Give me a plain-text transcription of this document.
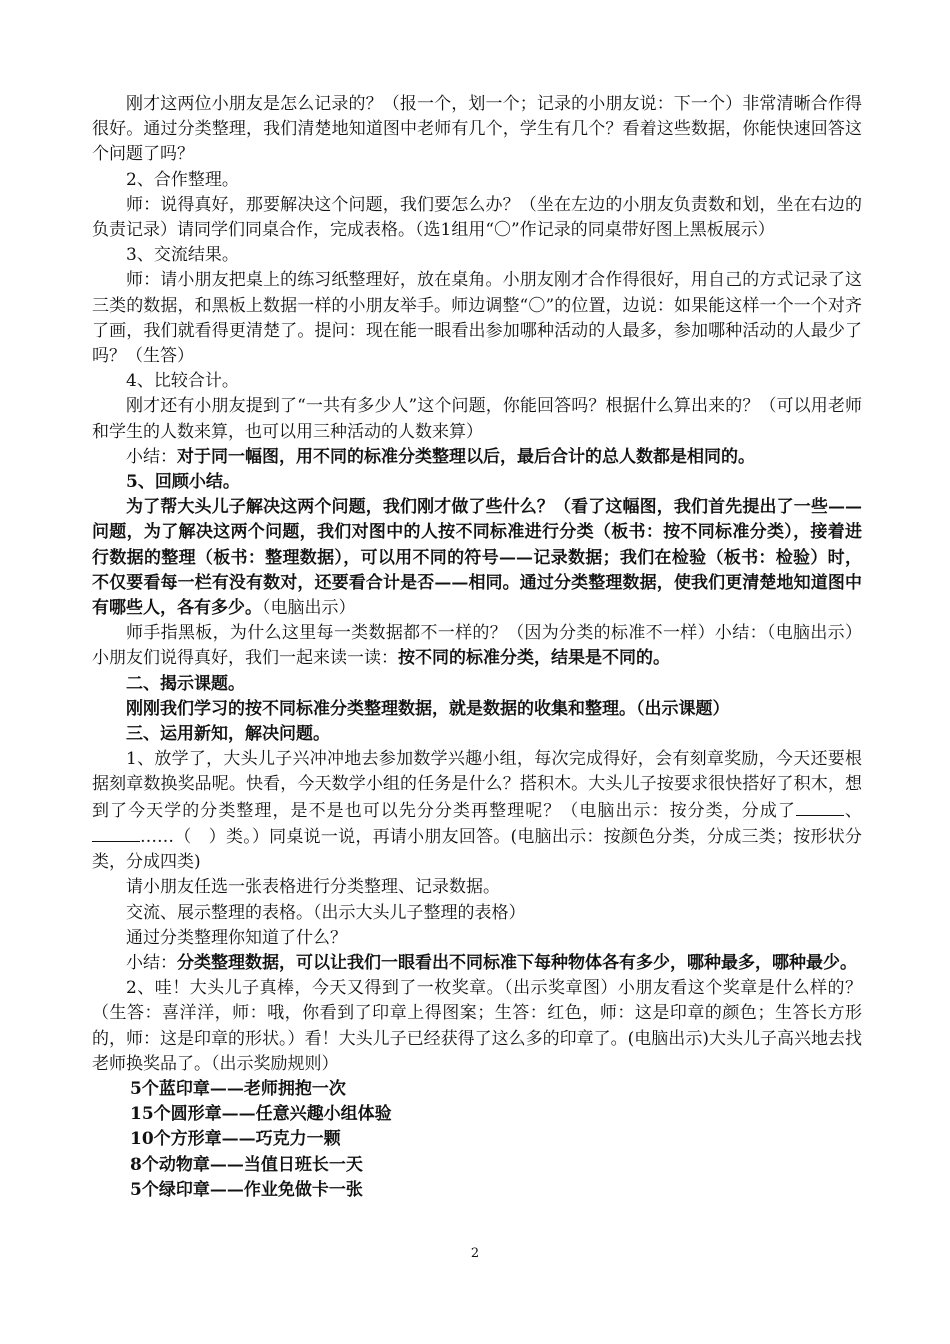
刚才这两位小朋友是怎么记录的？（报一个，划一个；记录的小朋友说：下一个）非常清晰合作得很好。通过分类整理，我们清楚地知道图中老师有几个，学生有几个？看着这些数据，你能快速回答这个问题了吗？

2、合作整理。

师：说得真好，那要解决这个问题，我们要怎么办？（坐在左边的小朋友负责数和划，坐在右边的负责记录）请同学们同桌合作，完成表格。（选1组用“〇”作记录的同桌带好图上黑板展示）

3、交流结果。

师：请小朋友把桌上的练习纸整理好，放在桌角。小朋友刚才合作得很好，用自己的方式记录了这三类的数据，和黑板上数据一样的小朋友举手。师边调整“〇”的位置，边说：如果能这样一个一个对齐了画，我们就看得更清楚了。提问：现在能一眼看出参加哪种活动的人最多，参加哪种活动的人最少了吗？（生答）

4、比较合计。

刚才还有小朋友提到了“一共有多少人”这个问题，你能回答吗？根据什么算出来的？（可以用老师和学生的人数来算，也可以用三种活动的人数来算）

小结：对于同一幅图，用不同的标准分类整理以后，最后合计的总人数都是相同的。

5、回顾小结。

为了帮大头儿子解决这两个问题，我们刚才做了些什么？（看了这幅图，我们首先提出了一些——问题，为了解决这两个问题，我们对图中的人按不同标准进行分类（板书：按不同标准分类），接着进行数据的整理（板书：整理数据），可以用不同的符号——记录数据；我们在检验（板书：检验）时，不仅要看每一栏有没有数对，还要看合计是否——相同。通过分类整理数据，使我们更清楚地知道图中有哪些人，各有多少。（电脑出示）

师手指黑板，为什么这里每一类数据都不一样的？（因为分类的标准不一样）小结：（电脑出示）小朋友们说得真好，我们一起来读一读：按不同的标准分类，结果是不同的。

二、揭示课题。

刚刚我们学习的按不同标准分类整理数据，就是数据的收集和整理。（出示课题）

三、运用新知，解决问题。

1、放学了，大头儿子兴冲冲地去参加数学兴趣小组，每次完成得好，会有刻章奖励，今天还要根据刻章数换奖品呢。快看，今天数学小组的任务是什么？搭积木。大头儿子按要求很快搭好了积木，想到了今天学的分类整理，是不是也可以先分分类再整理呢？（电脑出示：按分类，分成了	、……（　）类。）同桌说一说，再请小朋友回答。(电脑出示：按颜色分类，分成三类；按形状分类，分成四类)

请小朋友任选一张表格进行分类整理、记录数据。

交流、展示整理的表格。（出示大头儿子整理的表格）

通过分类整理你知道了什么？

小结：分类整理数据，可以让我们一眼看出不同标准下每种物体各有多少，哪种最多，哪种最少。

2、哇！大头儿子真棒，今天又得到了一枚奖章。（出示奖章图）小朋友看这个奖章是什么样的？（生答：喜洋洋，师：哦，你看到了印章上得图案；生答：红色，师：这是印章的颜色；生答长方形的，师：这是印章的形状。）看！大头儿子已经获得了这么多的印章了。(电脑出示)大头儿子高兴地去找老师换奖品了。（出示奖励规则）

5个蓝印章——老师拥抱一次

15个圆形章——任意兴趣小组体验

10个方形章——巧克力一颗

8个动物章——当值日班长一天

5个绿印章——作业免做卡一张

2
